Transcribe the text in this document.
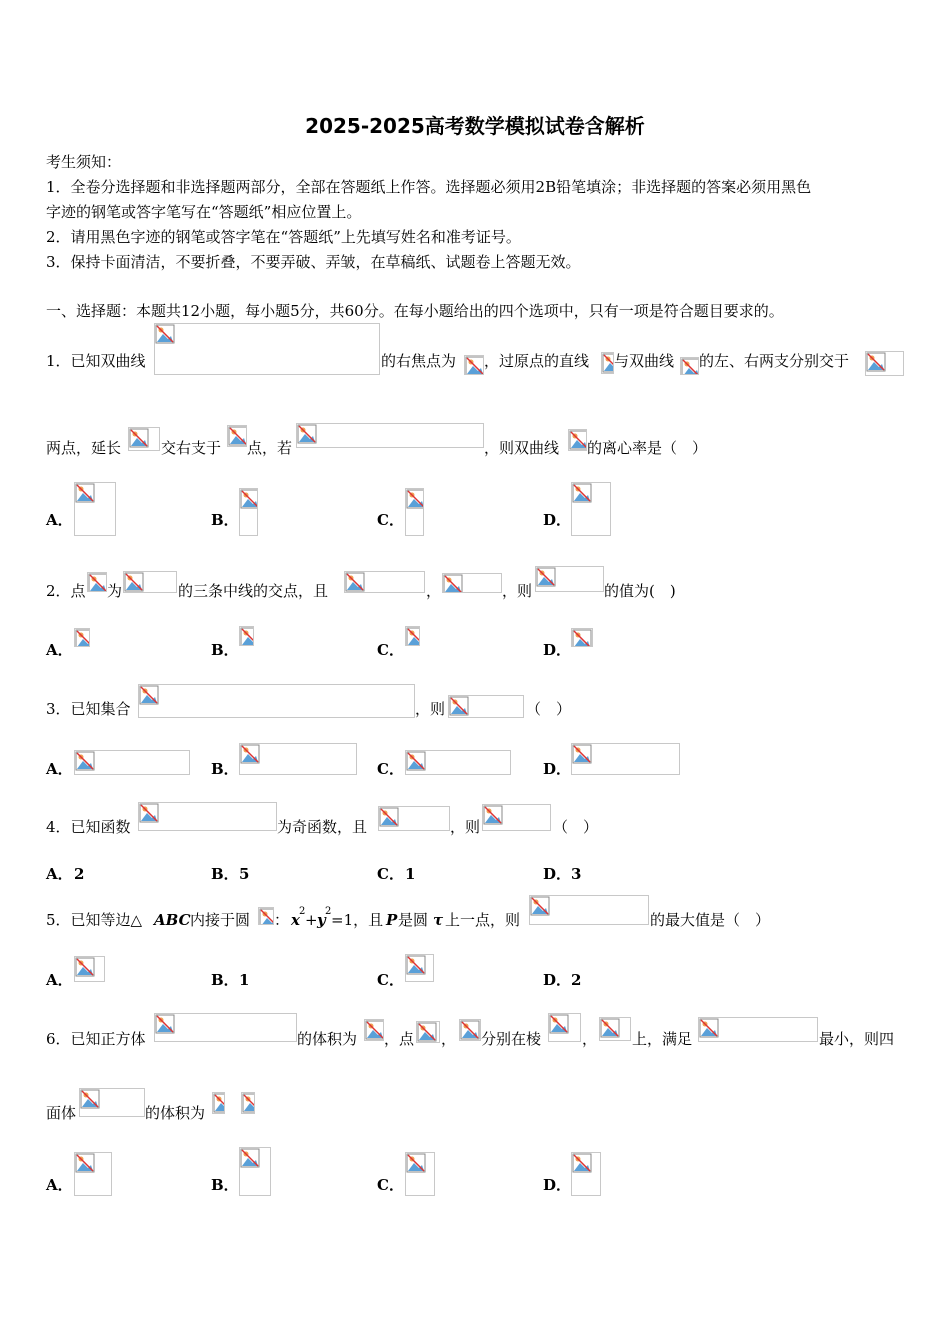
2025-2025高考数学模拟试卷含解析
考生须知：
1．全卷分选择题和非选择题两部分，全部在答题纸上作答。选择题必须用2B铅笔填涂；非选择题的答案必须用黑色
字迹的钢笔或答字笔写在“答题纸”相应位置上。
2．请用黑色字迹的钢笔或答字笔在“答题纸”上先填写姓名和准考证号。
3．保持卡面清洁，不要折叠，不要弄破、弄皱，在草稿纸、试题卷上答题无效。
一、选择题：本题共12小题，每小题5分，共60分。在每小题给出的四个选项中，只有一项是符合题目要求的。
1．已知双曲线	的右焦点为 ，过原点的直线 与双曲线 的左、右两支分别交于
两点，延长	交右支于 点，若	，则双曲线 的离心率是（　）
A．	B．	C．	D．
2．点 为	的三条中线的交点，且	，	，则	的值为(　)
A．	B．	C．	D．
3．已知集合	，则	（　）
A．	B．	C．	D．
4．已知函数	为奇函数，且	，则	（　）
A． 2	B． 5	C． 1	D． 3
5．已知等边△ ABC 内接于圆 ： x 2 + y 2 =1，且 P 是圆 τ 上一点，则	的最大值是（　）
A．	B． 1	C．	D． 2
6．已知正方体	的体积为 ，点 ， 分别在棱	， 上，满足	最小，则四
面体	的体积为
A．	B．	C．	D．
